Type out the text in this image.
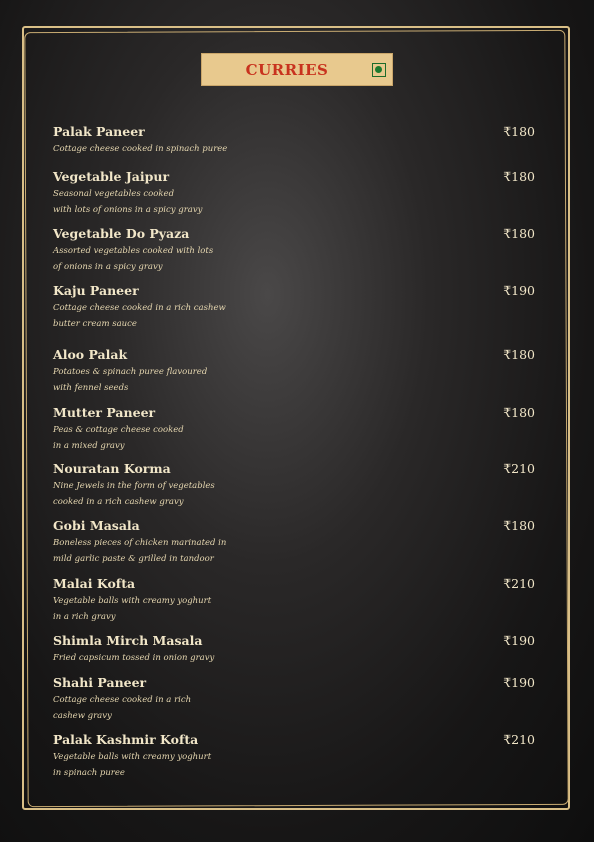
CURRIES
Palak Paneer	₹180
Cottage cheese cooked in spinach puree
Vegetable Jaipur	₹180
Seasonal vegetables cooked
with lots of onions in a spicy gravy
Vegetable Do Pyaza	₹180
Assorted vegetables cooked with lots
of onions in a spicy gravy
Kaju Paneer	₹190
Cottage cheese cooked in a rich cashew
butter cream sauce
Aloo Palak	₹180
Potatoes & spinach puree flavoured
with fennel seeds
Mutter Paneer	₹180
Peas & cottage cheese cooked
in a mixed gravy
Nouratan Korma	₹210
Nine Jewels in the form of vegetables
cooked in a rich cashew gravy
Gobi Masala	₹180
Boneless pieces of chicken marinated in
mild garlic paste & grilled in tandoor
Malai Kofta	₹210
Vegetable balls with creamy yoghurt
in a rich gravy
Shimla Mirch Masala	₹190
Fried capsicum tossed in onion gravy
Shahi Paneer	₹190
Cottage cheese cooked in a rich
cashew gravy
Palak Kashmir Kofta	₹210
Vegetable balls with creamy yoghurt
in spinach puree
